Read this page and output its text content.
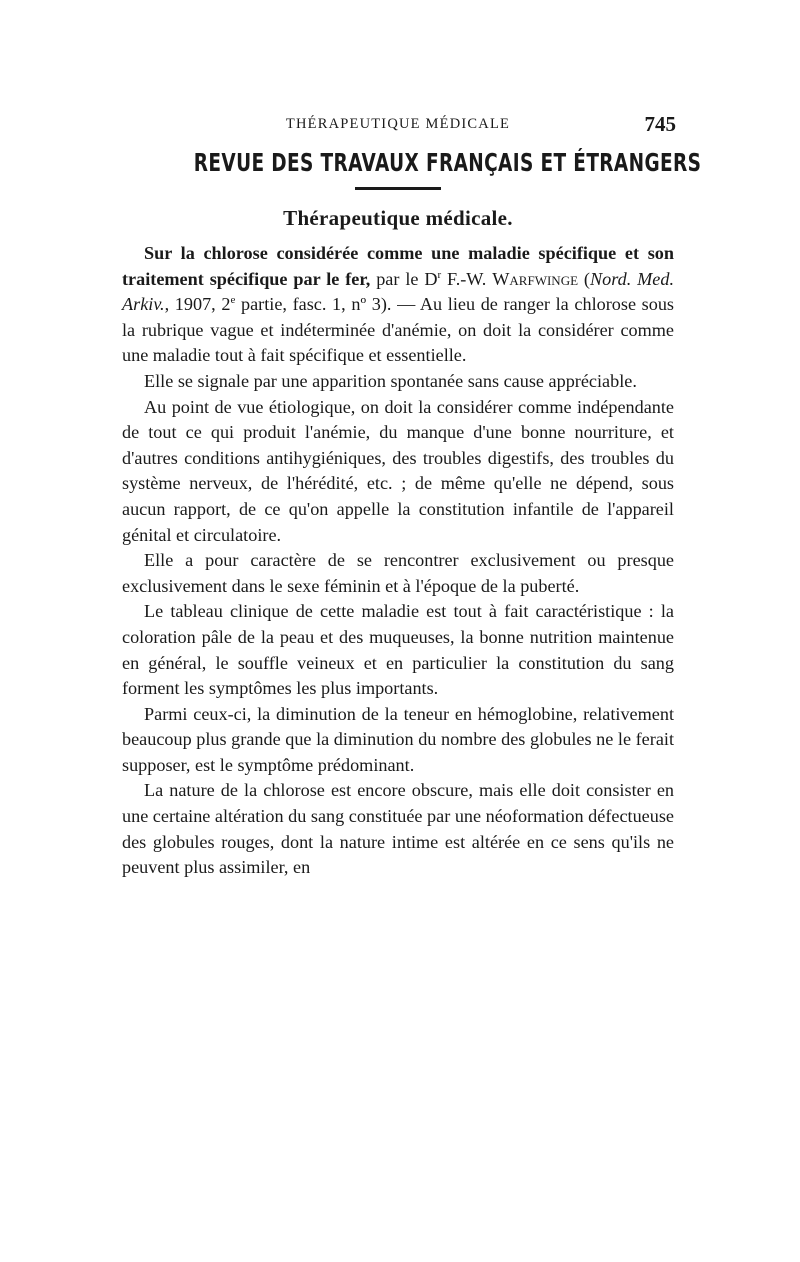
THÉRAPEUTIQUE MÉDICALE	745
REVUE DES TRAVAUX FRANÇAIS ET ÉTRANGERS
Thérapeutique médicale.

Sur la chlorose considérée comme une maladie spécifique et son traitement spécifique par le fer, par le $D^r$ F.-W. Warfwinge (Nord. Med. Arkiv., 1907, 2e partie, fasc. 1, nº 3). — Au lieu de ranger la chlorose sous la rubrique vague et indéterminée d'anémie, on doit la considérer comme une maladie tout à fait spécifique et essentielle.

Elle se signale par une apparition spontanée sans cause appréciable.

Au point de vue étiologique, on doit la considérer comme indépendante de tout ce qui produit l'anémie, du manque d'une bonne nourriture, et d'autres conditions antihygiéniques, des troubles digestifs, des troubles du système nerveux, de l'hérédité, etc. ; de même qu'elle ne dépend, sous aucun rapport, de ce qu'on appelle la constitution infantile de l'appareil génital et circulatoire.

Elle a pour caractère de se rencontrer exclusivement ou presque exclusivement dans le sexe féminin et à l'époque de la puberté.

Le tableau clinique de cette maladie est tout à fait caractéristique : la coloration pâle de la peau et des muqueuses, la bonne nutrition maintenue en général, le souffle veineux et en particulier la constitution du sang forment les symptômes les plus importants.

Parmi ceux-ci, la diminution de la teneur en hémoglobine, relativement beaucoup plus grande que la diminution du nombre des globules ne le ferait supposer, est le symptôme prédominant.

La nature de la chlorose est encore obscure, mais elle doit consister en une certaine altération du sang constituée par une néoformation défectueuse des globules rouges, dont la nature intime est altérée en ce sens qu'ils ne peuvent plus assimiler, en
